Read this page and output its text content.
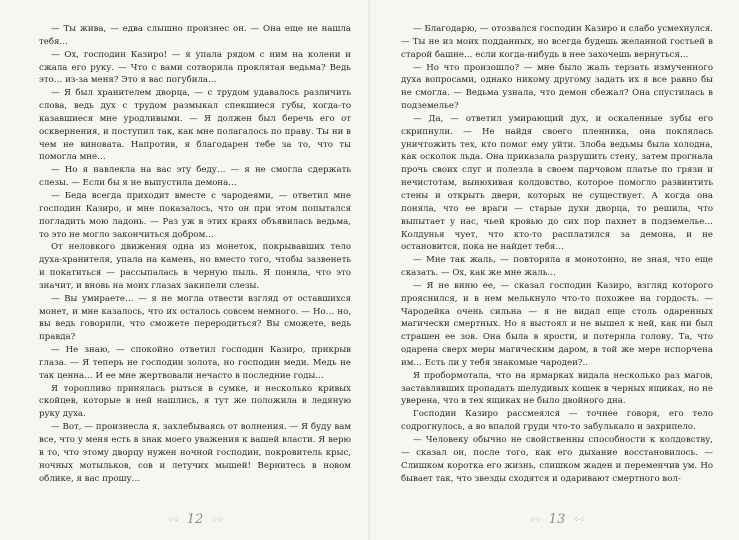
— Ты жива, — едва слышно произнес он. — Она еще не нашла тебя…

— Ох, господин Казиро! — я упала рядом с ним на колени и сжала его руку. — Что с вами сотворила проклятая ведьма? Ведь это… из-за меня? Это я вас погубила…

— Я был хранителем дворца, — с трудом удавалось различить слова, ведь дух с трудом размыкал спекшиеся губы, когда-то казавшиеся мне уродливыми. — Я должен был беречь его от осквернения, и поступил так, как мне полагалось по праву. Ты ни в чем не виновата. Напротив, я благодарен тебе за то, что ты помогла мне…

— Но я навлекла на вас эту беду… — я не смогла сдержать слезы. — Если бы я не выпустила демона…

— Беда всегда приходит вместе с чародеями, — ответил мне господин Казиро, и мне показалось, что он при этом попытался погладить мою ладонь. — Раз уж в этих краях объявилась ведьма, то это не могло закончиться добром…

От неловкого движения одна из монеток, покрывавших тело духа-хранителя, упала на камень, но вместо того, чтобы зазвенеть и покатиться — рассыпалась в черную пыль. Я поняла, что это значит, и вновь на моих глазах закипели слезы.

— Вы умираете… — я не могла отвести взгляд от оставшихся монет, и мне казалось, что их осталось совсем немного. — Но… но, вы ведь говорили, что сможете переродиться? Вы сможете, ведь правда?

— Не знаю, — спокойно ответил господин Казиро, прикрыв глаза. — Я теперь не господин золота, но господин меди. Медь не так ценна… И ее мне жертвовали нечасто в последние годы…

Я торопливо принялась рыться в сумке, и несколько кривых скойцев, которые в ней нашлись, я тут же положила в ледяную руку духа.

— Вот, — произнесла я, захлебываясь от волнения. — Я буду вам все, что у меня есть в знак моего уважения к вашей власти. Я верю в то, что этому дворцу нужен ночной господин, покровитель крыс, ночных мотыльков, сов и летучих мышей! Вернитесь в новом облике, я вас прошу…

⁘⁘ 12 ⁘⁘

— Благодарю, — отозвался господин Казиро и слабо усмехнулся. — Ты не из моих подданных, но всегда будешь желанной гостьей в старой башне… если когда-нибудь в нее захочешь вернуться…

— Но что произошло? — мне было жаль терзать измученного духа вопросами, однако никому другому задать их я все равно бы не смогла. — Ведьма узнала, что демон сбежал? Она спустилась в подземелье?

— Да, — ответил умирающий дух, и оскаленные зубы его скрипнули. — Не найдя своего пленника, она поклялась уничтожить тех, кто помог ему уйти. Злоба ведьмы была холодна, как осколок льда. Она приказала разрушить стену, затем прогнала прочь своих слуг и полезла в своем парчовом платье по грязи и нечистотам, вынюхивая колдовство, которое помогло развинтить стены и открыть двери, которых не существует. А когда она поняла, что ее враги — старые духи дворца, то решила, что выпытает у нас, чьей кровью до сих пор пахнет в подземелье… Колдунья чует, что кто-то расплатился за демона, и не остановится, пока не найдет тебя…

— Мне так жаль, — повторяла я монотонно, не зная, что еще сказать. — Ох, как же мне жаль…

— Я не виню ее, — сказал господин Казиро, взгляд которого прояснился, и в нем мелькнуло что-то похожее на гордость. — Чародейка очень сильна — я не видал еще столь одаренных магически смертных. Но я выстоял и не вышел к ней, как ни был страшен ее зов. Она была в ярости, и потеряла голову. Та, что одарена сверх меры магическим даром, в той же мере испорчена им… Есть ли у тебя знакомые чародеи?..

Я пробормотала, что на ярмарках видала несколько раз магов, заставлявших пропадать шелудивых кошек в черных ящиках, но не уверена, что в тех ящиках не было двойного дна.

Господин Казиро рассмеялся — точнее говоря, его тело содрогнулось, а во впалой груди что-то забулькало и захрипело.

— Человеку обычно не свойственны способности к колдовству, — сказал он, после того, как его дыхание восстановилось. — Слишком коротка его жизнь, слишком жаден и переменчив ум. Но бывает так, что звезды сходятся и одаривают смертного вол-

⁘⁘ 13 ⁘⁘
